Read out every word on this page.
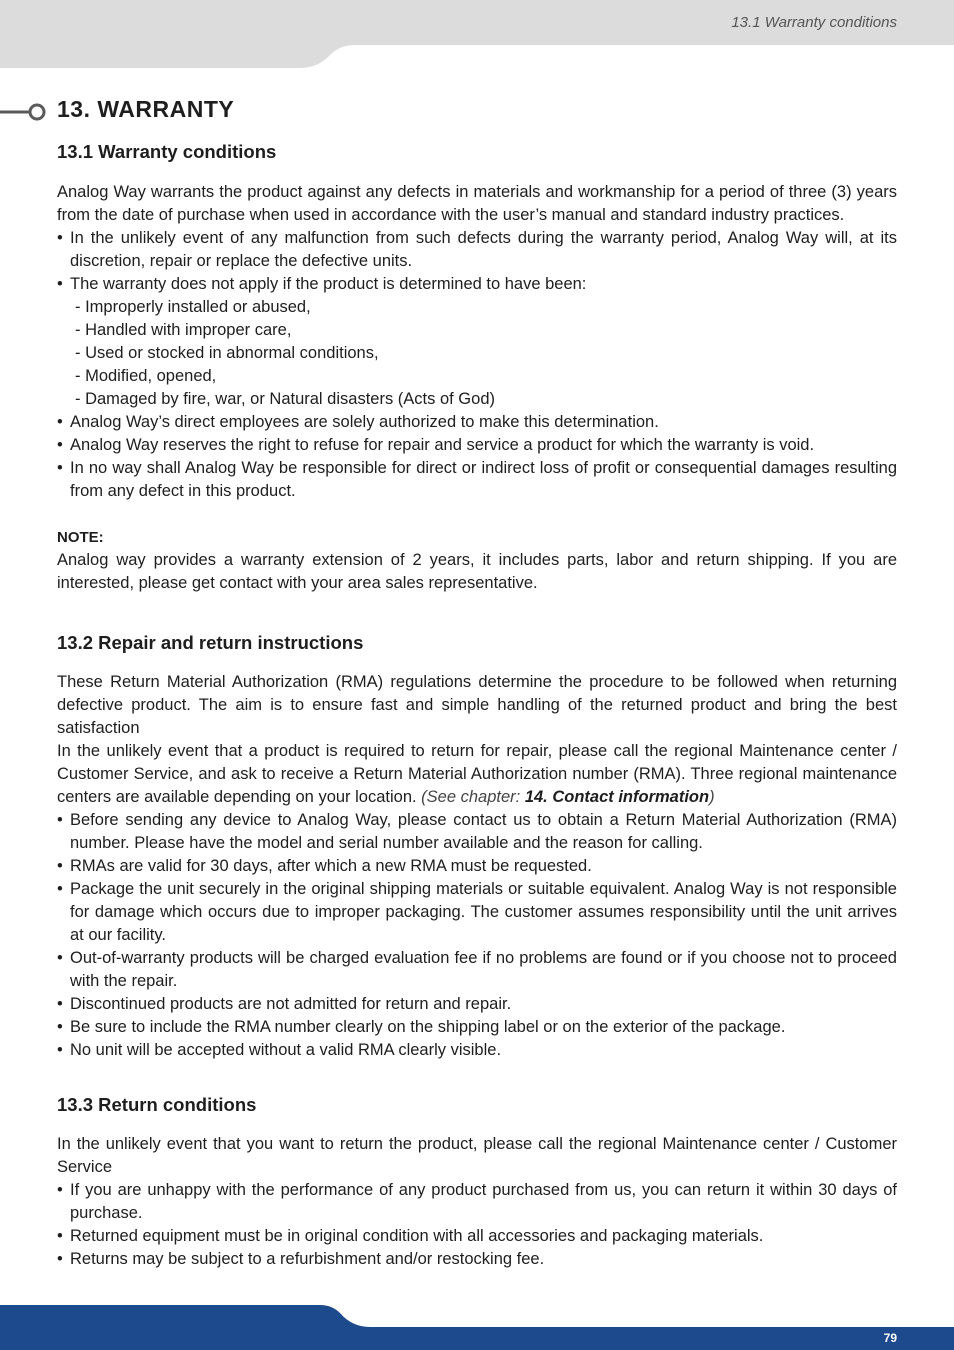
13.1 Warranty conditions
13. WARRANTY
13.1 Warranty conditions

Analog Way warrants the product against any defects in materials and workmanship for a period of three (3) years from the date of purchase when used in accordance with the user’s manual and standard industry practices.

• In the unlikely event of any malfunction from such defects during the warranty period, Analog Way will, at its discretion, repair or replace the defective units.
• The warranty does not apply if the product is determined to have been:
- Improperly installed or abused,
- Handled with improper care,
- Used or stocked in abnormal conditions,
- Modified, opened,
- Damaged by fire, war, or Natural disasters (Acts of God)
• Analog Way’s direct employees are solely authorized to make this determination.
• Analog Way reserves the right to refuse for repair and service a product for which the warranty is void.
• In no way shall Analog Way be responsible for direct or indirect loss of profit or consequential damages resulting from any defect in this product.
NOTE:

Analog way provides a warranty extension of 2 years, it includes parts, labor and return shipping. If you are interested, please get contact with your area sales representative.

13.2 Repair and return instructions

These Return Material Authorization (RMA) regulations determine the procedure to be followed when returning defective product. The aim is to ensure fast and simple handling of the returned product and bring the best satisfaction

In the unlikely event that a product is required to return for repair, please call the regional Maintenance center / Customer Service, and ask to receive a Return Material Authorization number (RMA). Three regional maintenance centers are available depending on your location. (See chapter: 14. Contact information)

• Before sending any device to Analog Way, please contact us to obtain a Return Material Authorization (RMA) number. Please have the model and serial number available and the reason for calling.
• RMAs are valid for 30 days, after which a new RMA must be requested.
• Package the unit securely in the original shipping materials or suitable equivalent. Analog Way is not responsible for damage which occurs due to improper packaging. The customer assumes responsibility until the unit arrives at our facility.
• Out-of-warranty products will be charged evaluation fee if no problems are found or if you choose not to proceed with the repair.
• Discontinued products are not admitted for return and repair.
• Be sure to include the RMA number clearly on the shipping label or on the exterior of the package.
• No unit will be accepted without a valid RMA clearly visible.
13.3 Return conditions

In the unlikely event that you want to return the product, please call the regional Maintenance center / Customer Service

• If you are unhappy with the performance of any product purchased from us, you can return it within 30 days of purchase.
• Returned equipment must be in original condition with all accessories and packaging materials.
• Returns may be subject to a refurbishment and/or restocking fee.
79
